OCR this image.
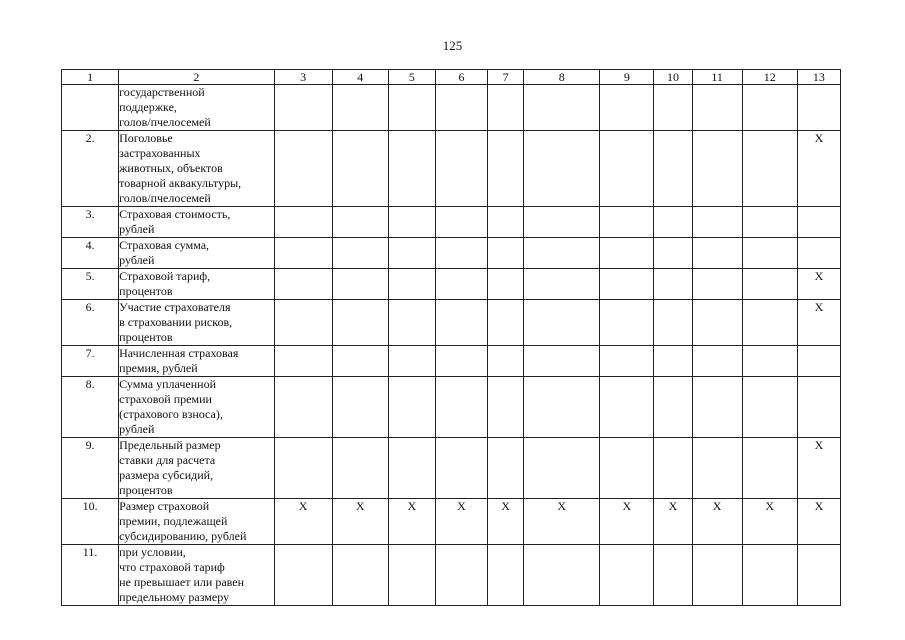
125
1	2	3	4	5	6	7	8	9	10	11	12	13
	государственной
поддержке,
голов/пчелосемей											
2.	Поголовье
застрахованных
животных, объектов
товарной аквакультуры,
голов/пчелосемей											X
3.	Страховая стоимость,
рублей											
4.	Страховая сумма,
рублей											
5.	Страховой тариф,
процентов											X
6.	Участие страхователя
в страховании рисков,
процентов											X
7.	Начисленная страховая
премия, рублей											
8.	Сумма уплаченной
страховой премии
(страхового взноса),
рублей											
9.	Предельный размер
ставки для расчета
размера субсидий,
процентов											X
10.	Размер страховой
премии, подлежащей
субсидированию, рублей	X	X	X	X	X	X	X	X	X	X	X
11.	при условии,
что страховой тариф
не превышает или равен
предельному размеру											
